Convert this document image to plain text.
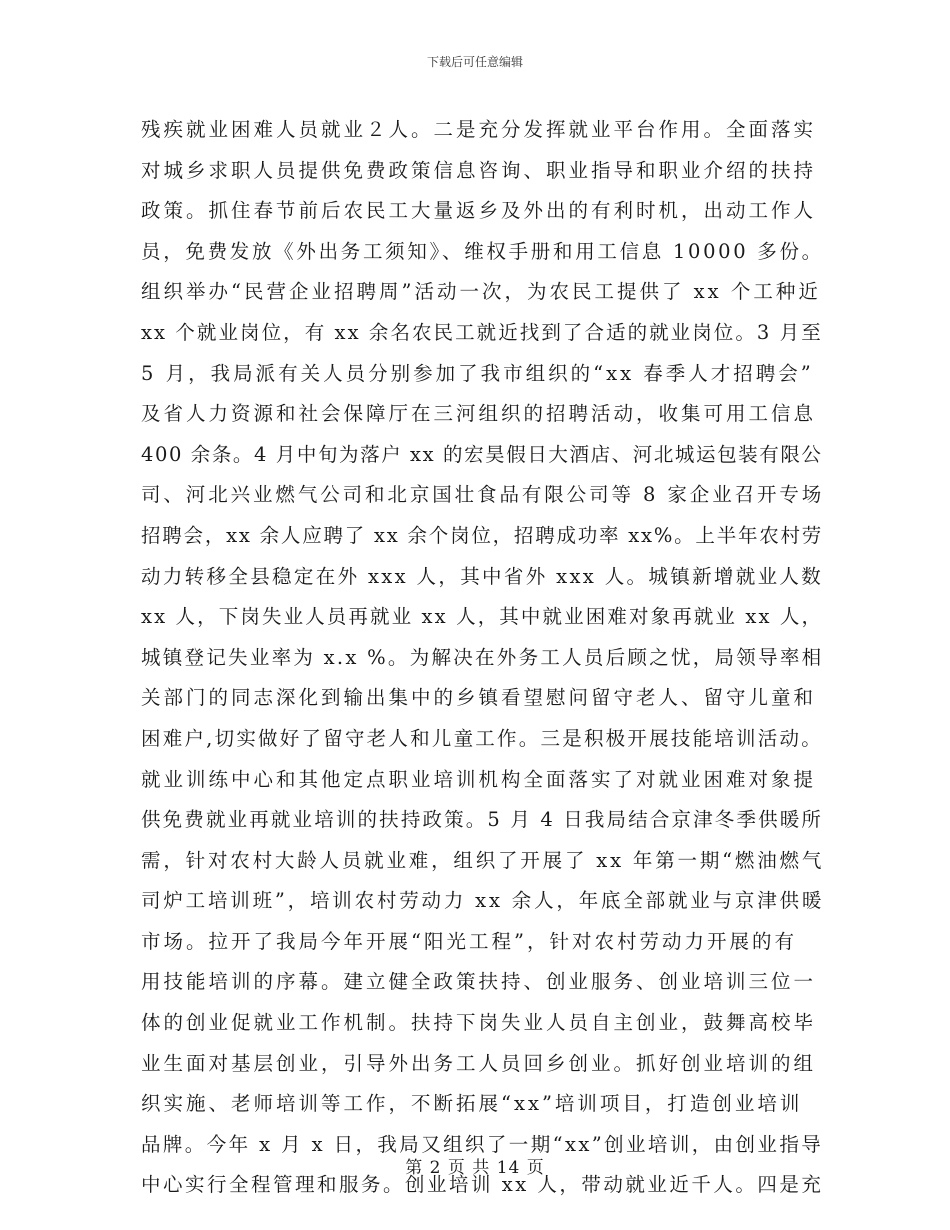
下载后可任意编辑
残疾就业困难人员就业２人。二是充分发挥就业平台作用。全面落实
对城乡求职人员提供免费政策信息咨询、职业指导和职业介绍的扶持
政策。抓住春节前后农民工大量返乡及外出的有利时机，出动工作人
员，免费发放《外出务工须知》、维权手册和用工信息 10000 多份。
组织举办“民营企业招聘周”活动一次，为农民工提供了 xx 个工种近
xx 个就业岗位，有 xx 余名农民工就近找到了合适的就业岗位。3 月至
5 月，我局派有关人员分别参加了我市组织的“xx 春季人才招聘会”
及省人力资源和社会保障厅在三河组织的招聘活动，收集可用工信息
400 余条。4 月中旬为落户 xx 的宏昊假日大酒店、河北城运包装有限公
司、河北兴业燃气公司和北京国壮食品有限公司等 8 家企业召开专场
招聘会，xx 余人应聘了 xx 余个岗位，招聘成功率 xx%。上半年农村劳
动力转移全县稳定在外 xxx 人，其中省外 xxx 人。城镇新增就业人数
xx 人，下岗失业人员再就业 xx 人，其中就业困难对象再就业 xx 人，
城镇登记失业率为 x.x %。为解决在外务工人员后顾之忧，局领导率相
关部门的同志深化到输出集中的乡镇看望慰问留守老人、留守儿童和
困难户,切实做好了留守老人和儿童工作。三是积极开展技能培训活动。
就业训练中心和其他定点职业培训机构全面落实了对就业困难对象提
供免费就业再就业培训的扶持政策。5 月 4 日我局结合京津冬季供暖所
需，针对农村大龄人员就业难，组织了开展了 xx 年第一期“燃油燃气
司炉工培训班”，培训农村劳动力 xx 余人，年底全部就业与京津供暖
市场。拉开了我局今年开展“阳光工程”，针对农村劳动力开展的有
用技能培训的序幕。建立健全政策扶持、创业服务、创业培训三位一
体的创业促就业工作机制。扶持下岗失业人员自主创业，鼓舞高校毕
业生面对基层创业，引导外出务工人员回乡创业。抓好创业培训的组
织实施、老师培训等工作，不断拓展“xx”培训项目，打造创业培训
品牌。今年 x 月 x 日，我局又组织了一期“xx”创业培训，由创业指导
中心实行全程管理和服务。创业培训 xx 人，带动就业近千人。四是充
第 2 页 共 14 页
